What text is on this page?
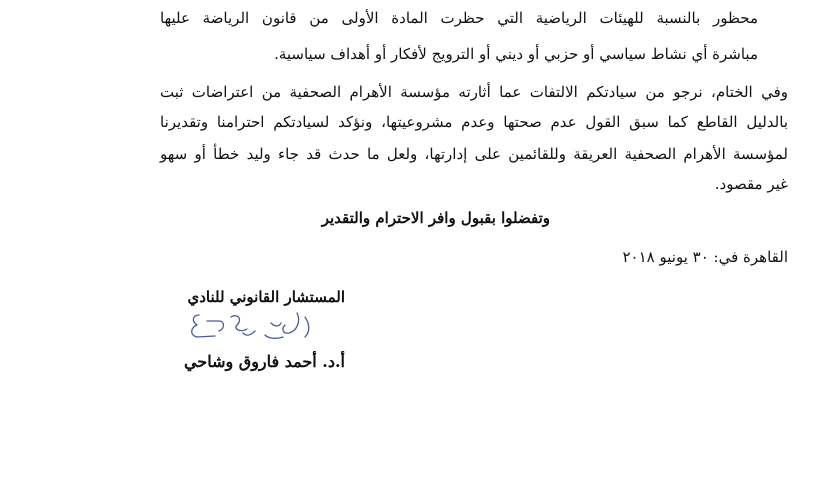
محظور بالنسبة للهيئات الرياضية التي حظرت المادة الأولى من قانون الرياضة عليها
مباشرة أي نشاط سياسي أو حزبي أو ديني أو الترويج لأفكار أو أهداف سياسية.
وفي الختام، نرجو من سيادتكم الالتفات عما أثارته مؤسسة الأهرام الصحفية من اعتراضات ثبت
بالدليل القاطع كما سبق القول عدم صحتها وعدم مشروعيتها، ونؤكد لسيادتكم احترامنا وتقديرنا
لمؤسسة الأهرام الصحفية العريقة وللقائمين على إدارتها، ولعل ما حدث قد جاء وليد خطأ أو سهو
غير مقصود.
وتفضلوا بقبول وافر الاحترام والتقدير
القاهرة في: ٣٠ يونيو ٢٠١٨
المستشار القانوني للنادي
أ.د. أحمد فاروق وشاحي
